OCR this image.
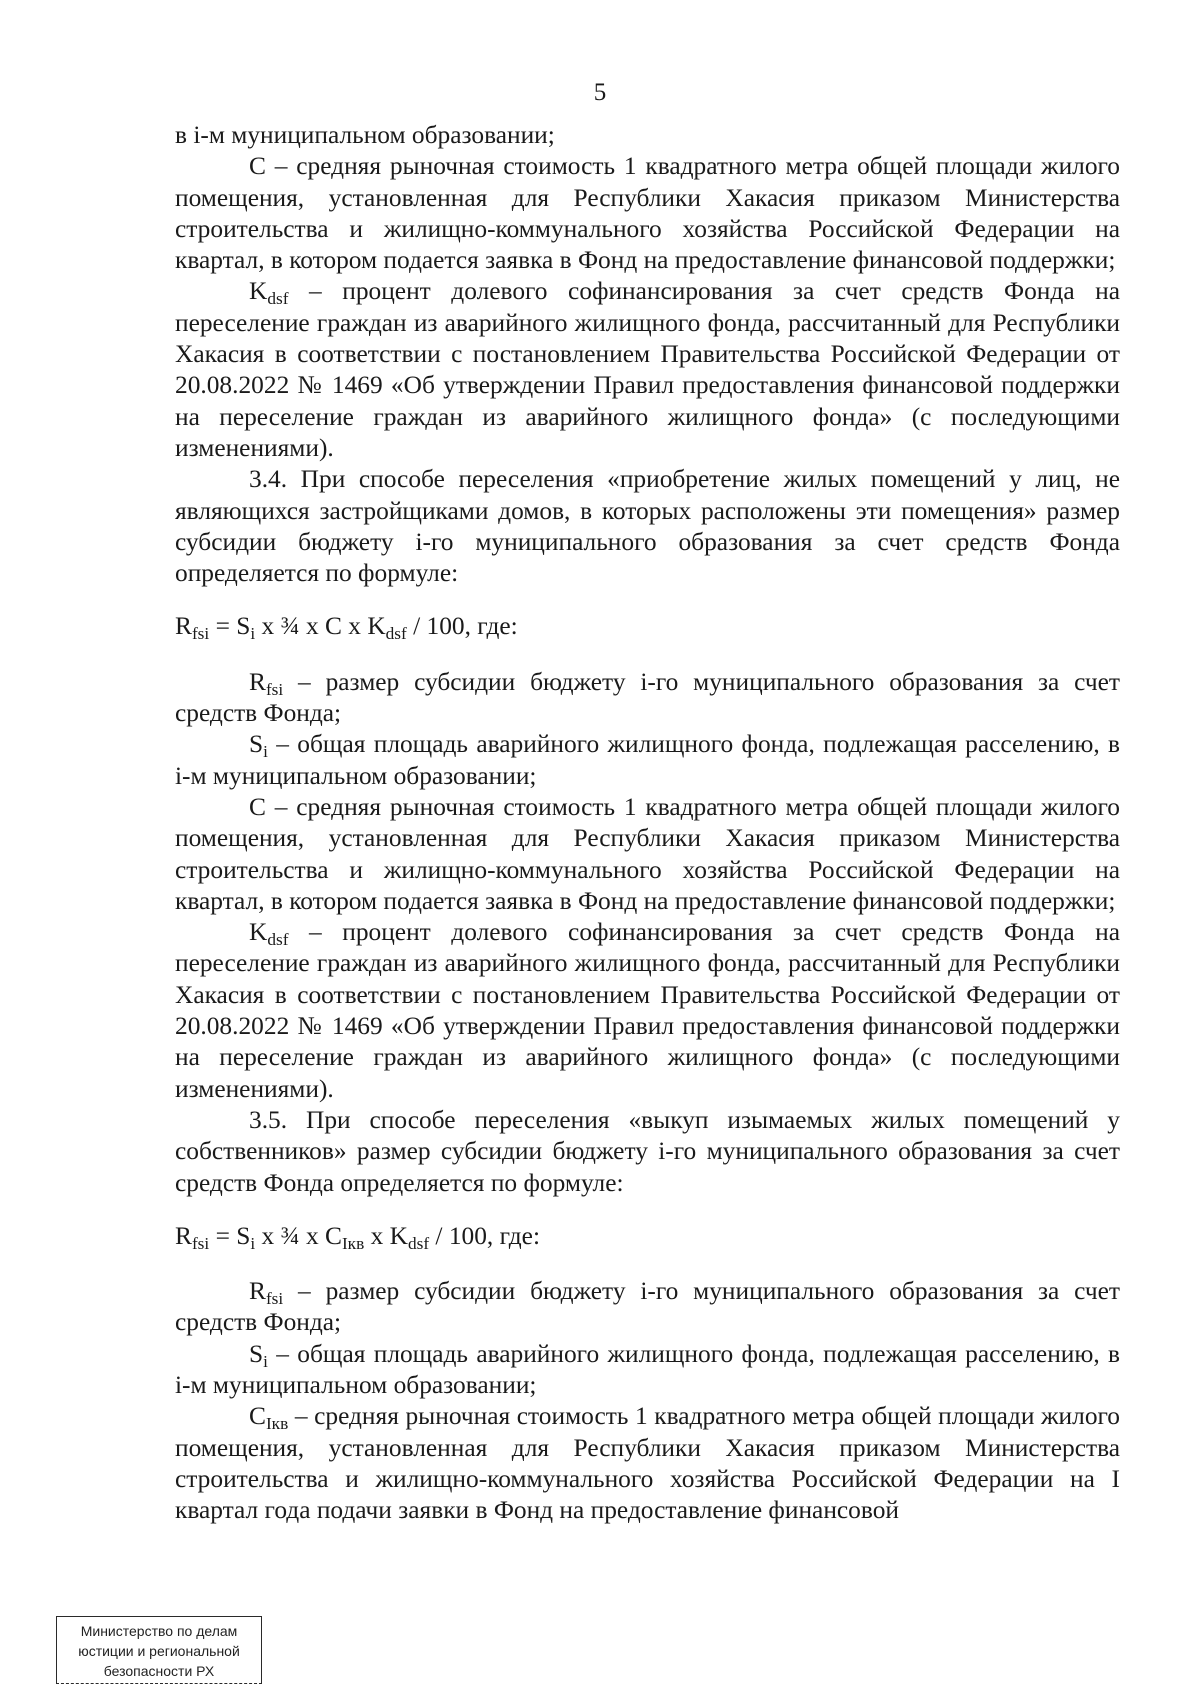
5

в i-м муниципальном образовании;

C – средняя рыночная стоимость 1 квадратного метра общей площади жилого помещения, установленная для Республики Хакасия приказом Министерства строительства и жилищно-коммунального хозяйства Российской Федерации на квартал, в котором подается заявка в Фонд на предоставление финансовой поддержки;

$K_{dsf}$ – процент долевого софинансирования за счет средств Фонда на переселение граждан из аварийного жилищного фонда, рассчитанный для Республики Хакасия в соответствии с постановлением Правительства Российской Федерации от 20.08.2022 № 1469 «Об утверждении Правил предоставления финансовой поддержки на переселение граждан из аварийного жилищного фонда» (с последующими изменениями).

3.4. При способе переселения «приобретение жилых помещений у лиц, не являющихся застройщиками домов, в которых расположены эти помещения» размер субсидии бюджету i-го муниципального образования за счет средств Фонда определяется по формуле:

$R_{fsi} = S_i$ x ¾ x C x $K_{dsf} / 100$, где:

$R_{fsi}$ – размер субсидии бюджету i-го муниципального образования за счет средств Фонда;

$S_i$ – общая площадь аварийного жилищного фонда, подлежащая расселению, в i-м муниципальном образовании;

C – средняя рыночная стоимость 1 квадратного метра общей площади жилого помещения, установленная для Республики Хакасия приказом Министерства строительства и жилищно-коммунального хозяйства Российской Федерации на квартал, в котором подается заявка в Фонд на предоставление финансовой поддержки;

$K_{dsf}$ – процент долевого софинансирования за счет средств Фонда на переселение граждан из аварийного жилищного фонда, рассчитанный для Республики Хакасия в соответствии с постановлением Правительства Российской Федерации от 20.08.2022 № 1469 «Об утверждении Правил предоставления финансовой поддержки на переселение граждан из аварийного жилищного фонда» (с последующими изменениями).

3.5. При способе переселения «выкуп изымаемых жилых помещений у собственников» размер субсидии бюджету i-го муниципального образования за счет средств Фонда определяется по формуле:

$R_{fsi} = S_i$ x ¾ x $C_{Iкв}$ x $K_{dsf} / 100$, где:

$R_{fsi}$ – размер субсидии бюджету i-го муниципального образования за счет средств Фонда;

$S_i$ – общая площадь аварийного жилищного фонда, подлежащая расселению, в i-м муниципальном образовании;

$C_{Iкв}$ – средняя рыночная стоимость 1 квадратного метра общей площади жилого помещения, установленная для Республики Хакасия приказом Министерства строительства и жилищно-коммунального хозяйства Российской Федерации на I квартал года подачи заявки в Фонд на предоставление финансовой

Министерство по делам
юстиции и региональной
безопасности РХ
